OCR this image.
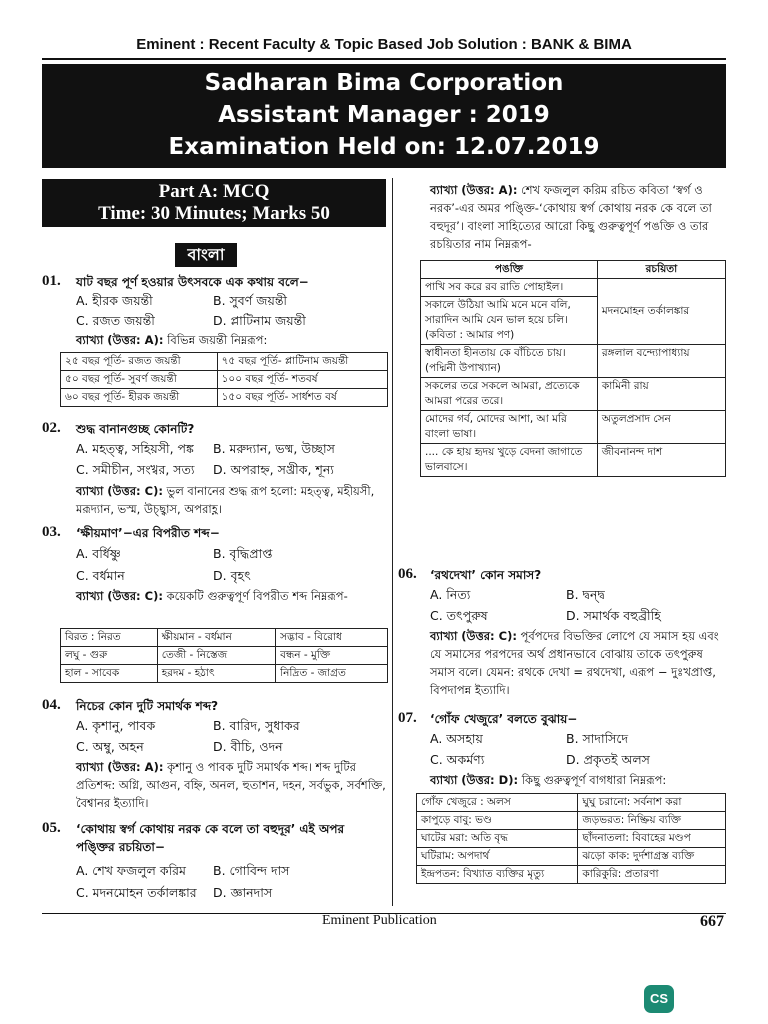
Eminent : Recent Faculty & Topic Based Job Solution : BANK & BIMA
Sadharan Bima Corporation
Assistant Manager : 2019
Examination Held on: 12.07.2019
Part A: MCQ
Time: 30 Minutes; Marks 50
বাংলা
01. যাট বছর পূর্ণ হওয়ার উৎসবকে এক কথায় বলে−
A. হীরক জয়ন্তী	B. সুবর্ণ জয়ন্তী
C. রজত জয়ন্তী	D. প্লাটিনাম জয়ন্তী
ব্যাখ্যা (উত্তর: A): বিভিন্ন জয়ন্তী নিম্নরূপ:
২৫ বছর পূর্তি- রজত জয়ন্তী	৭৫ বছর পূর্তি- প্লাটিনাম জয়ন্তী
৫০ বছর পূর্তি- সুবর্ণ জয়ন্তী	১০০ বছর পূর্তি- শতবর্ষ
৬০ বছর পূর্তি- হীরক জয়ন্তী	১৫০ বছর পূর্তি- সার্ধশত বর্ষ
02. শুদ্ধ বানানগুচ্ছ কোনটি?
A. মহত্ত্ব, সহিয়সী, পঙ্ক B. মরুদ্যান, ভষ্ম, উচ্ছাস
C. সমীচীন, সংখ্বর, সত্য D. অপরাহ্ন, সখ্রীক, শূন্য
ব্যাখ্যা (উত্তর: C): ভুল বানানের শুদ্ধ রূপ হলো: মহত্ত্ব, মহীয়সী, মরূদ্যান, ভস্ম, উচ্ছ্বাস, অপরাহ্ণ।
03. ‘ক্ষীয়মাণ’−এর বিপরীত শব্দ−
A. বর্ধিষ্ণু	B. বৃদ্ধিপ্রাপ্ত
C. বর্ধমান	D. বৃহৎ
ব্যাখ্যা (উত্তর: C): কয়েকটি গুরুত্বপূর্ণ বিপরীত শব্দ নিম্নরূপ-
বিরত : নিরত	ক্ষীয়মান - বর্ধমান	সদ্ভাব - বিরোধ
লঘু - গুরু	তেজী - নিস্তেজ	বন্ধন - মুক্তি
হাল - সাবেক	হরদম - হঠাৎ	নিদ্রিত - জাগ্রত
04. নিচের কোন দুটি সমার্থক শব্দ?
A. কৃশানু, পাবক	B. বারিদ, সুধাকর
C. অম্বু, অহন	D. বীচি, ওদন
ব্যাখ্যা (উত্তর: A): কৃশানু ও পাবক দুটি সমার্থক শব্দ। শব্দ দুটির প্রতিশব্দ: অগ্নি, আগুন, বহ্নি, অনল, হুতাশন, দহন, সর্বভুক, সর্বশক্তি, বৈশ্বানর ইত্যাদি।
05. ‘কোথায় স্বর্গ কোথায় নরক কে বলে তা বহুদূর’ এই অপর পঙ্ক্তির রচয়িতা−
A. শেখ ফজলুল করিম B. গোবিন্দ দাস
C. মদনমোহন তর্কালঙ্কার D. জ্ঞানদাস
ব্যাখ্যা (উত্তর: A): শেখ ফজলুল করিম রচিত কবিতা ‘স্বর্গ ও নরক’-এর অমর পঙ্ক্তি-‘কোথায় স্বর্গ কোথায় নরক কে বলে তা বহুদূর’। বাংলা সাহিত্যের আরো কিছু গুরুত্বপূর্ণ পঙক্তি ও তার রচয়িতার নাম নিম্নরূপ-
পঙক্তি	রচয়িতা
পাখি সব করে রব রাতি পোহাইল।	মদনমোহন তর্কালঙ্কার
সকালে উঠিয়া আমি মনে মনে বলি, সারাদিন আমি যেন ভাল হয়ে চলি। (কবিতা : আমার পণ)	
স্বাধীনতা হীনতায় কে বাঁচিতে চায়। (পদ্মিনী উপাখ্যান)	রঙ্গলাল বন্দ্যোপাধ্যায়
সকলের তরে সকলে আমরা, প্রত্যেকে আমরা পরের তরে।	কামিনী রায়
মোদের গর্ব, মোদের আশা, আ মরি বাংলা ভাষা।	অতুলপ্রসাদ সেন
.... কে হায় হৃদয় খুড়ে বেদনা জাগাতে ভালবাসে।	জীবনানন্দ দাশ
06. ‘রথদেখা’ কোন সমাস?
A. নিত্য	B. দ্বন্দ্ব
C. তৎপুরুষ	D. সমার্থক বহুব্রীহি
ব্যাখ্যা (উত্তর: C): পূর্বপদের বিভক্তির লোপে যে সমাস হয় এবং যে সমাসের পরপদের অর্থ প্রধানভাবে বোঝায় তাকে তৎপুরুষ সমাস বলে। যেমন: রথকে দেখা = রথদেখা, এরূপ − দুঃখপ্রাপ্ত, বিপদাপন্ন ইত্যাদি।
07. ‘গোঁফ খেজুরে’ বলতে বুঝায়−
A. অসহায়	B. সাদাসিদে
C. অকর্মণ্য	D. প্রকৃতই অলস
ব্যাখ্যা (উত্তর: D): কিছু গুরুত্বপূর্ণ বাগধারা নিম্নরূপ:
গোঁফ খেজুরে : অলস	ঘুঘু চরানো: সর্বনাশ করা
কাপুড়ে বাবু: ভণ্ড	জড়ভরত: নিষ্ক্রিয় ব্যক্তি
ঘাটের মরা: অতি বৃদ্ধ	ছাঁদনাতলা: বিবাহের মণ্ডপ
ঘটিরাম: অপদার্থ	ঝড়ো কাক: দুর্দশাগ্রস্ত ব্যক্তি
ইন্দ্রপতন: বিখ্যাত ব্যক্তির মৃত্যু	কারিকুরি: প্রতারণা
Eminent Publication	667
CS
